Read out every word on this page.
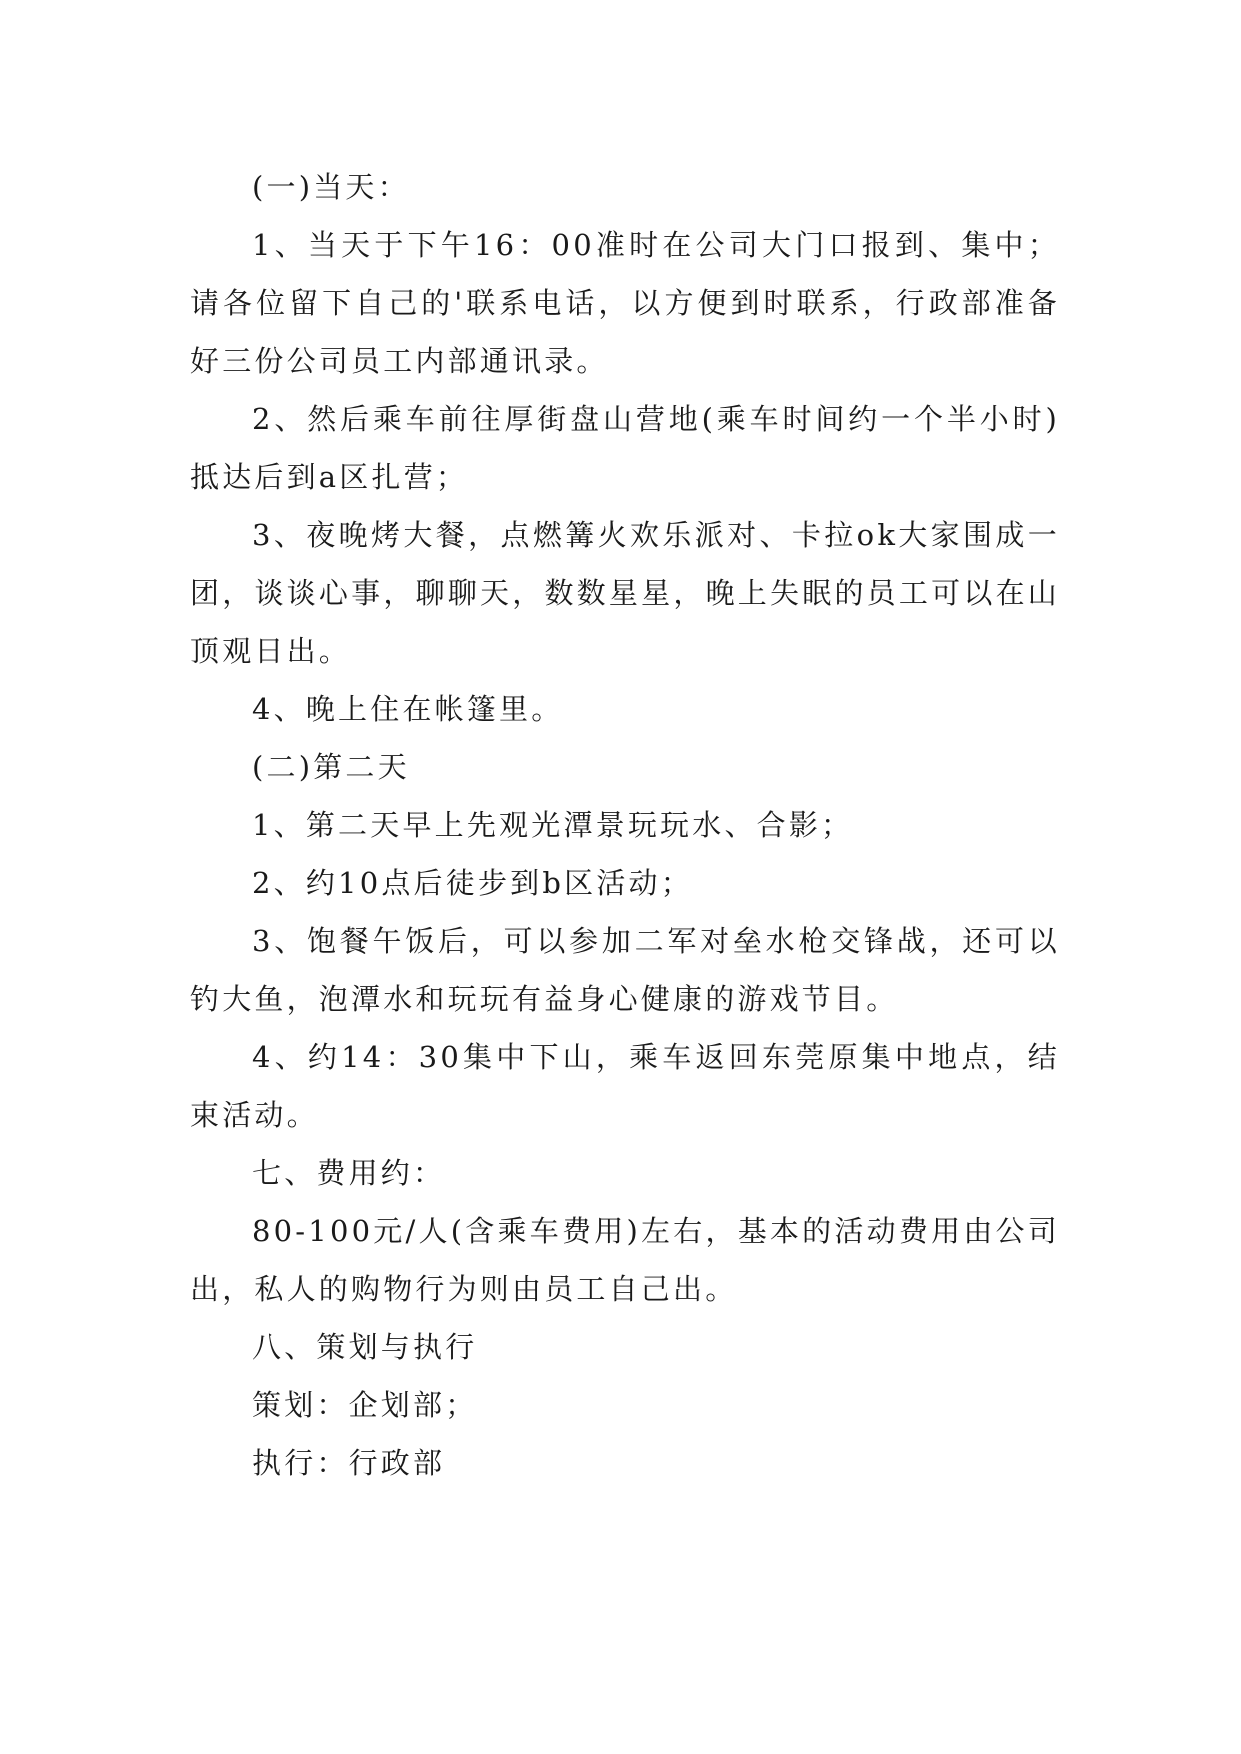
(一)当天：

1、当天于下午16：00准时在公司大门口报到、集中；请各位留下自己的'联系电话，以方便到时联系，行政部准备好三份公司员工内部通讯录。

2、然后乘车前往厚街盘山营地(乘车时间约一个半小时)抵达后到a区扎营；

3、夜晚烤大餐，点燃篝火欢乐派对、卡拉ok大家围成一团，谈谈心事，聊聊天，数数星星，晚上失眠的员工可以在山顶观日出。

4、晚上住在帐篷里。

(二)第二天

1、第二天早上先观光潭景玩玩水、合影；

2、约10点后徒步到b区活动；

3、饱餐午饭后，可以参加二军对垒水枪交锋战，还可以钓大鱼，泡潭水和玩玩有益身心健康的游戏节目。

4、约14：30集中下山，乘车返回东莞原集中地点，结束活动。

七、费用约：

80-100元/人(含乘车费用)左右，基本的活动费用由公司出，私人的购物行为则由员工自己出。

八、策划与执行

策划：企划部；

执行：行政部
